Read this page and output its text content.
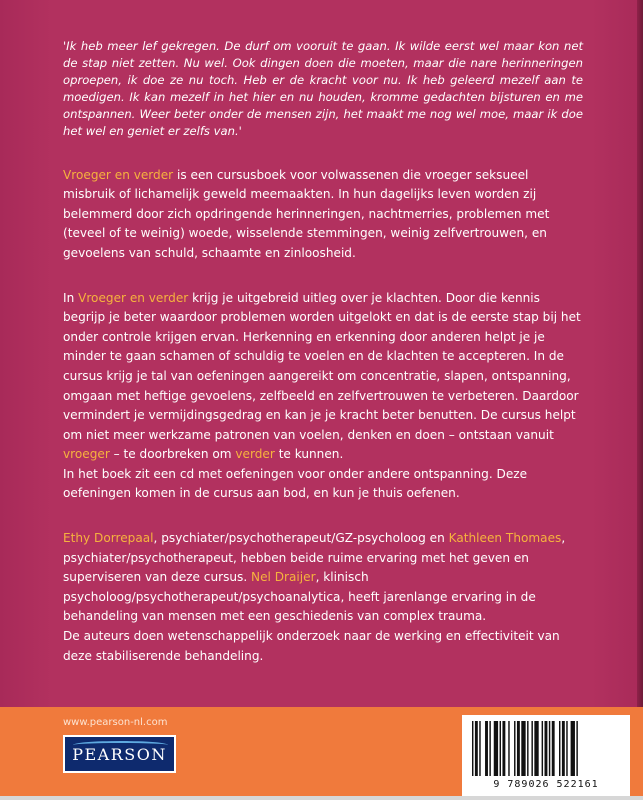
'Ik heb meer lef gekregen. De durf om vooruit te gaan. Ik wilde eerst wel maar kon net de stap niet zetten. Nu wel. Ook dingen doen die moeten, maar die nare herinneringen oproepen, ik doe ze nu toch. Heb er de kracht voor nu. Ik heb geleerd mezelf aan te moedigen. Ik kan mezelf in het hier en nu houden, kromme gedachten bijsturen en me ontspannen. Weer beter onder de mensen zijn, het maakt me nog wel moe, maar ik doe het wel en geniet er zelfs van.'

Vroeger en verder is een cursusboek voor volwassenen die vroeger seksueel misbruik of lichamelijk geweld meemaakten. In hun dagelijks leven worden zij belemmerd door zich opdringende herinneringen, nachtmerries, problemen met (teveel of te weinig) woede, wisselende stemmingen, weinig zelfvertrouwen, en gevoelens van schuld, schaamte en zinloosheid.

In Vroeger en verder krijg je uitgebreid uitleg over je klachten. Door die kennis begrijp je beter waardoor problemen worden uitgelokt en dat is de eerste stap bij het onder controle krijgen ervan. Herkenning en erkenning door anderen helpt je je minder te gaan schamen of schuldig te voelen en de klachten te accepteren. In de cursus krijg je tal van oefeningen aangereikt om concentratie, slapen, ontspanning, omgaan met heftige gevoelens, zelfbeeld en zelfvertrouwen te verbeteren. Daardoor vermindert je vermijdingsgedrag en kan je je kracht beter benutten. De cursus helpt om niet meer werkzame patronen van voelen, denken en doen – ontstaan vanuit vroeger – te doorbreken om verder te kunnen.

In het boek zit een cd met oefeningen voor onder andere ontspanning. Deze oefeningen komen in de cursus aan bod, en kun je thuis oefenen.

Ethy Dorrepaal, psychiater/psychotherapeut/GZ-psycholoog en Kathleen Thomaes, psychiater/psychotherapeut, hebben beide ruime ervaring met het geven en superviseren van deze cursus. Nel Draijer, klinisch psycholoog/psychotherapeut/psychoanalytica, heeft jarenlange ervaring in de behandeling van mensen met een geschiedenis van complex trauma.

De auteurs doen wetenschappelijk onderzoek naar de werking en effectiviteit van deze stabiliserende behandeling.

www.pearson-nl.com
PEARSON
9 789026 522161
